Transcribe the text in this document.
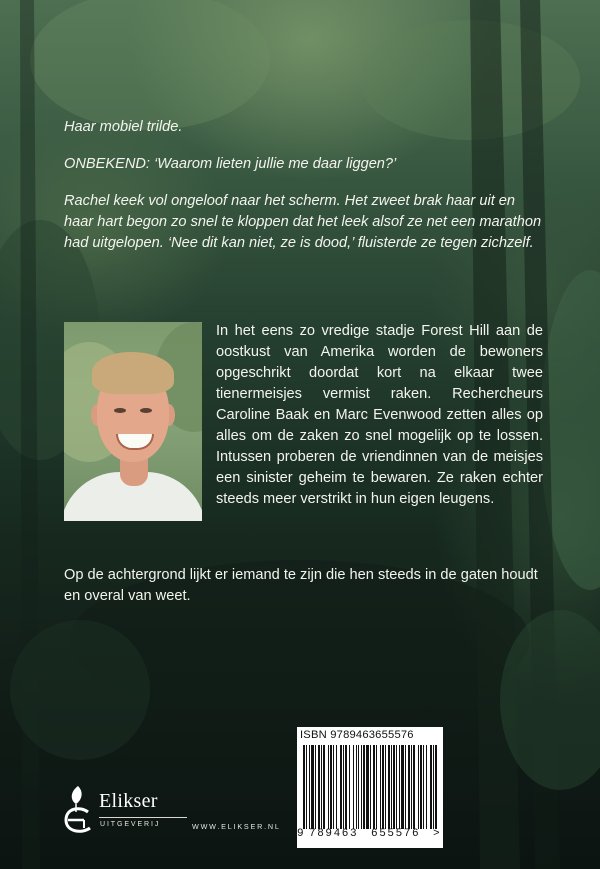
Haar mobiel trilde.

ONBEKEND: ‘Waarom lieten jullie me daar liggen?’

Rachel keek vol ongeloof naar het scherm. Het zweet brak haar uit en haar hart begon zo snel te kloppen dat het leek alsof ze net een marathon had uitgelopen. ‘Nee dit kan niet, ze is dood,’ fluisterde ze tegen zichzelf.

In het eens zo vredige stadje Forest Hill aan de oostkust van Amerika worden de bewoners opgeschrikt doordat kort na elkaar twee tienermeisjes vermist raken. Rechercheurs Caroline Baak en Marc Evenwood zetten alles op alles om de zaken zo snel mogelijk op te lossen. Intussen proberen de vriendinnen van de meisjes een sinister geheim te bewaren. Ze raken echter steeds meer verstrikt in hun eigen leugens.

Op de achtergrond lijkt er iemand te zijn die hen steeds in de gaten houdt en overal van weet.

Elikser
UITGEVERIJ	WWW.ELIKSER.NL
ISBN 9789463655576
9 789463 655576 >
